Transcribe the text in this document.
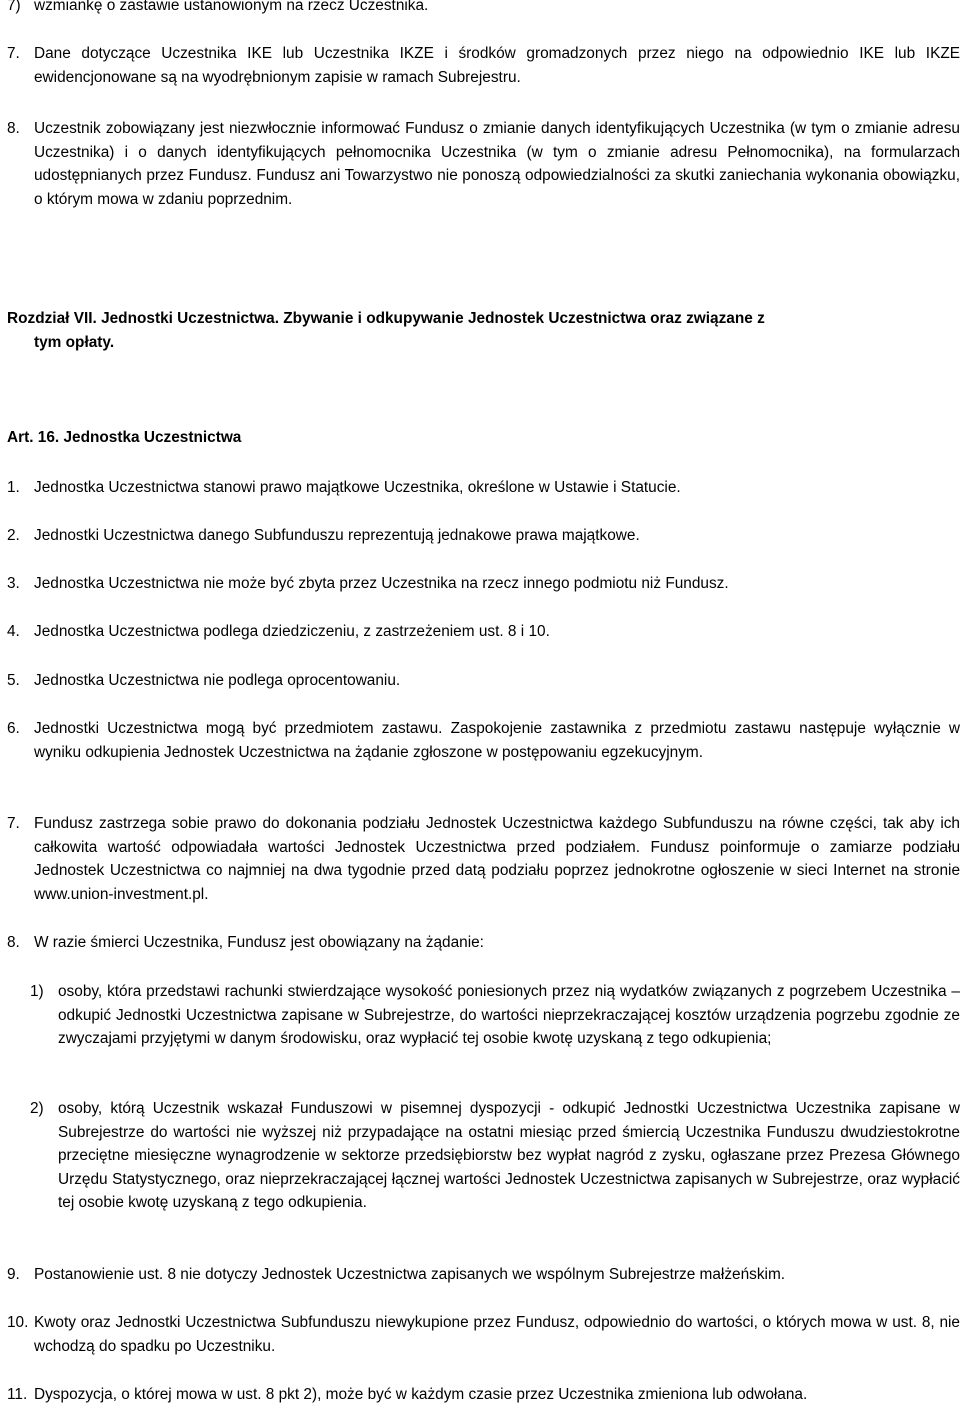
7) wzmiankę o zastawie ustanowionym na rzecz Uczestnika.

7. Dane dotyczące Uczestnika IKE lub Uczestnika IKZE i środków gromadzonych przez niego na odpowiednio IKE lub IKZE ewidencjonowane są na wyodrębnionym zapisie w ramach Subrejestru.

8. Uczestnik zobowiązany jest niezwłocznie informować Fundusz o zmianie danych identyfikujących Uczestnika (w tym o zmianie adresu Uczestnika) i o danych identyfikujących pełnomocnika Uczestnika (w tym o zmianie adresu Pełnomocnika), na formularzach udostępnianych przez Fundusz. Fundusz ani Towarzystwo nie ponoszą odpowiedzialności za skutki zaniechania wykonania obowiązku, o którym mowa w zdaniu poprzednim.

Rozdział VII. Jednostki Uczestnictwa. Zbywanie i odkupywanie Jednostek Uczestnictwa oraz związane z
tym opłaty.

Art. 16. Jednostka Uczestnictwa

1. Jednostka Uczestnictwa stanowi prawo majątkowe Uczestnika, określone w Ustawie i Statucie.

2. Jednostki Uczestnictwa danego Subfunduszu reprezentują jednakowe prawa majątkowe.

3. Jednostka Uczestnictwa nie może być zbyta przez Uczestnika na rzecz innego podmiotu niż Fundusz.

4. Jednostka Uczestnictwa podlega dziedziczeniu, z zastrzeżeniem ust. 8 i 10.

5. Jednostka Uczestnictwa nie podlega oprocentowaniu.

6. Jednostki Uczestnictwa mogą być przedmiotem zastawu. Zaspokojenie zastawnika z przedmiotu zastawu następuje wyłącznie w wyniku odkupienia Jednostek Uczestnictwa na żądanie zgłoszone w postępowaniu egzekucyjnym.

7. Fundusz zastrzega sobie prawo do dokonania podziału Jednostek Uczestnictwa każdego Subfunduszu na równe części, tak aby ich całkowita wartość odpowiadała wartości Jednostek Uczestnictwa przed podziałem. Fundusz poinformuje o zamiarze podziału Jednostek Uczestnictwa co najmniej na dwa tygodnie przed datą podziału poprzez jednokrotne ogłoszenie w sieci Internet na stronie www.union-investment.pl.

8. W razie śmierci Uczestnika, Fundusz jest obowiązany na żądanie:

1) osoby, która przedstawi rachunki stwierdzające wysokość poniesionych przez nią wydatków związanych z pogrzebem Uczestnika – odkupić Jednostki Uczestnictwa zapisane w Subrejestrze, do wartości nieprzekraczającej kosztów urządzenia pogrzebu zgodnie ze zwyczajami przyjętymi w danym środowisku, oraz wypłacić tej osobie kwotę uzyskaną z tego odkupienia;

2) osoby, którą Uczestnik wskazał Funduszowi w pisemnej dyspozycji - odkupić Jednostki Uczestnictwa Uczestnika zapisane w Subrejestrze do wartości nie wyższej niż przypadające na ostatni miesiąc przed śmiercią Uczestnika Funduszu dwudziestokrotne przeciętne miesięczne wynagrodzenie w sektorze przedsiębiorstw bez wypłat nagród z zysku, ogłaszane przez Prezesa Głównego Urzędu Statystycznego, oraz nieprzekraczającej łącznej wartości Jednostek Uczestnictwa zapisanych w Subrejestrze, oraz wypłacić tej osobie kwotę uzyskaną z tego odkupienia.

9. Postanowienie ust. 8 nie dotyczy Jednostek Uczestnictwa zapisanych we wspólnym Subrejestrze małżeńskim.

10. Kwoty oraz Jednostki Uczestnictwa Subfunduszu niewykupione przez Fundusz, odpowiednio do wartości, o których mowa w ust. 8, nie wchodzą do spadku po Uczestniku.

11. Dyspozycja, o której mowa w ust. 8 pkt 2), może być w każdym czasie przez Uczestnika zmieniona lub odwołana.
